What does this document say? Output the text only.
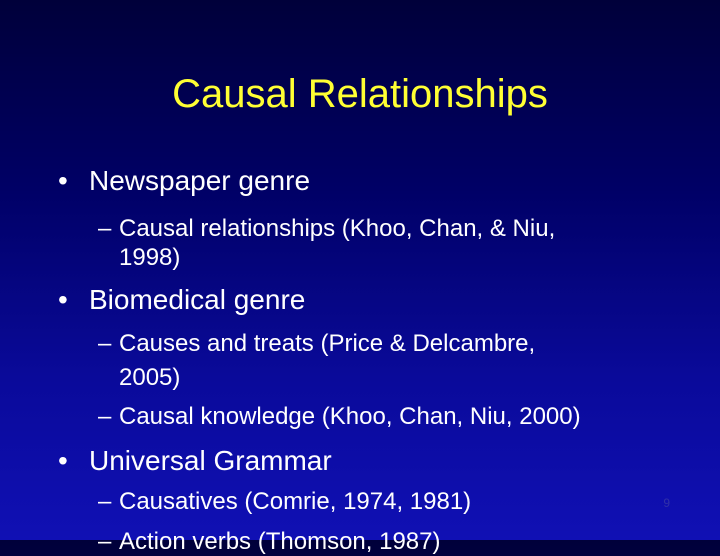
Causal Relationships
• Newspaper genre
– Causal relationships (Khoo, Chan, & Niu,
1998)
• Biomedical genre
– Causes and treats (Price & Delcambre,
2005)
– Causal knowledge (Khoo, Chan, Niu, 2000)
• Universal Grammar
– Causatives (Comrie, 1974, 1981)
– Action verbs (Thomson, 1987)
9
